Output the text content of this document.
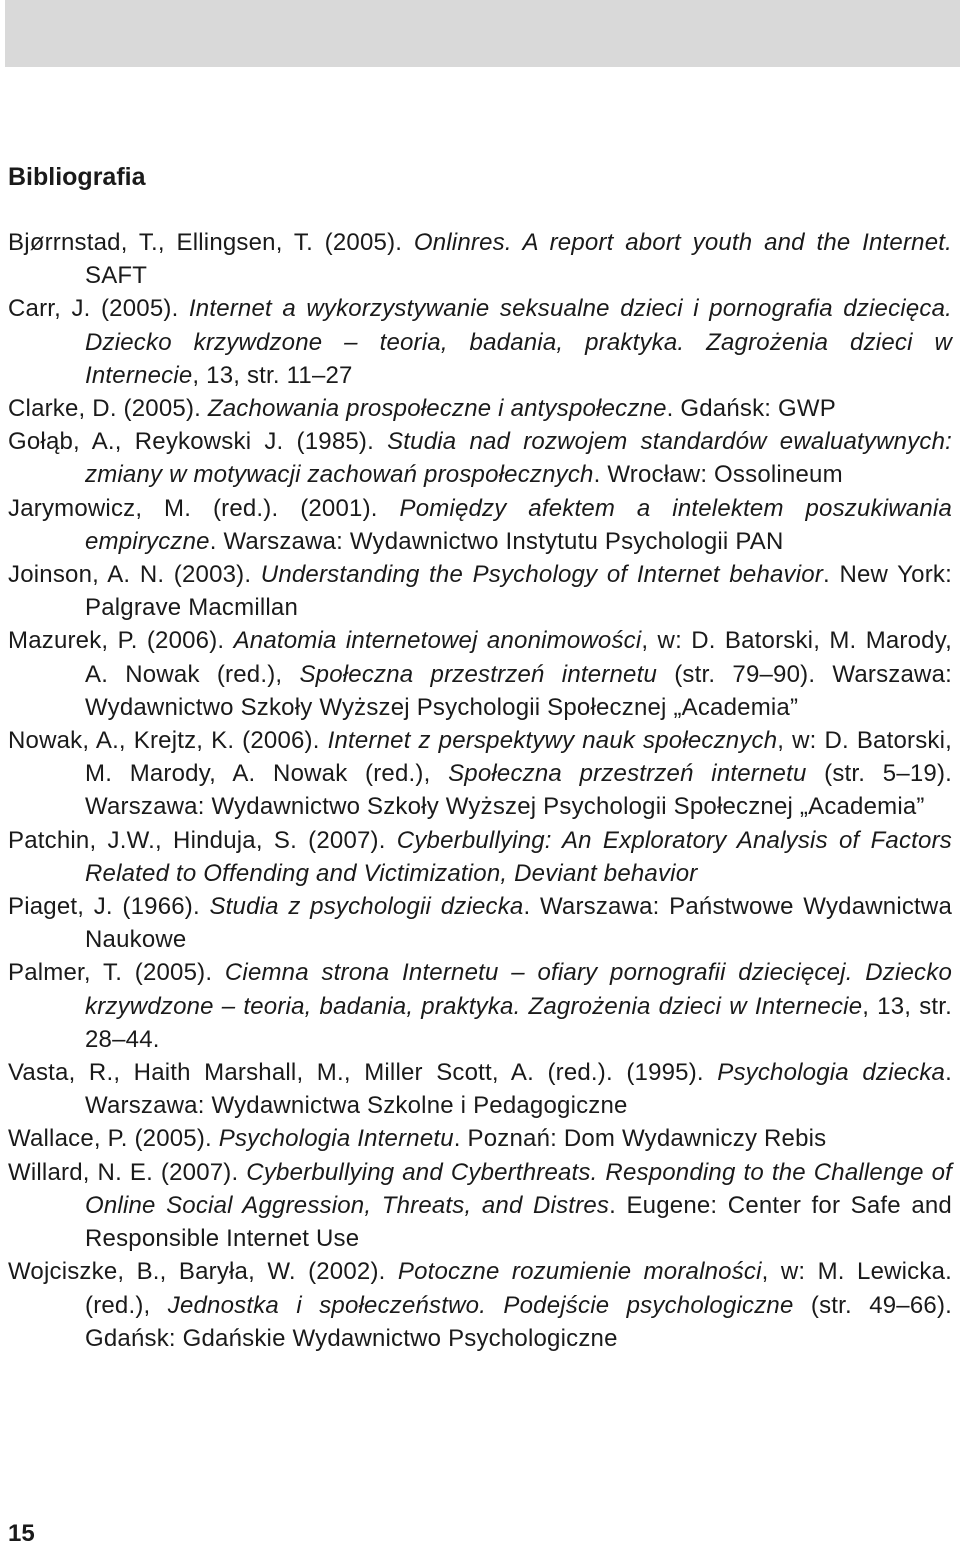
Bibliografia

Bjørrnstad, T., Ellingsen, T. (2005). Onlinres. A report abort youth and the Internet. SAFT

Carr, J. (2005). Internet a wykorzystywanie seksualne dzieci i pornografia dziecięca. Dziecko krzywdzone – teoria, badania, praktyka. Zagrożenia dzieci w Internecie, 13, str. 11–27

Clarke, D. (2005). Zachowania prospołeczne i antyspołeczne. Gdańsk: GWP

Gołąb, A., Reykowski J. (1985). Studia nad rozwojem standardów ewaluatywnych: zmiany w motywacji zachowań prospołecznych. Wrocław: Ossolineum

Jarymowicz, M. (red.). (2001). Pomiędzy afektem a intelektem poszukiwania empiryczne. Warszawa: Wydawnictwo Instytutu Psychologii PAN

Joinson, A. N. (2003). Understanding the Psychology of Internet behavior. New York: Palgrave Macmillan

Mazurek, P. (2006). Anatomia internetowej anonimowości, w: D. Batorski, M. Marody, A. Nowak (red.), Społeczna przestrzeń internetu (str. 79–90). Warszawa: Wydawnictwo Szkoły Wyższej Psychologii Społecznej „Academia”

Nowak, A., Krejtz, K. (2006). Internet z perspektywy nauk społecznych, w: D. Batorski, M. Marody, A. Nowak (red.), Społeczna przestrzeń internetu (str. 5–19). Warszawa: Wydawnictwo Szkoły Wyższej Psychologii Społecznej „Academia”

Patchin, J.W., Hinduja, S. (2007). Cyberbullying: An Exploratory Analysis of Factors Related to Offending and Victimization, Deviant behavior

Piaget, J. (1966). Studia z psychologii dziecka. Warszawa: Państwowe Wydawnictwa Naukowe

Palmer, T. (2005). Ciemna strona Internetu – ofiary pornografii dziecięcej. Dziecko krzywdzone – teoria, badania, praktyka. Zagrożenia dzieci w Internecie, 13, str. 28–44.

Vasta, R., Haith Marshall, M., Miller Scott, A. (red.). (1995). Psychologia dziecka. Warszawa: Wydawnictwa Szkolne i Pedagogiczne

Wallace, P. (2005). Psychologia Internetu. Poznań: Dom Wydawniczy Rebis

Willard, N. E. (2007). Cyberbullying and Cyberthreats. Responding to the Challenge of Online Social Aggression, Threats, and Distres. Eugene: Center for Safe and Responsible Internet Use

Wojciszke, B., Baryła, W. (2002). Potoczne rozumienie moralności, w: M. Lewicka. (red.), Jednostka i społeczeństwo. Podejście psychologiczne (str. 49–66). Gdańsk: Gdańskie Wydawnictwo Psychologiczne

15
